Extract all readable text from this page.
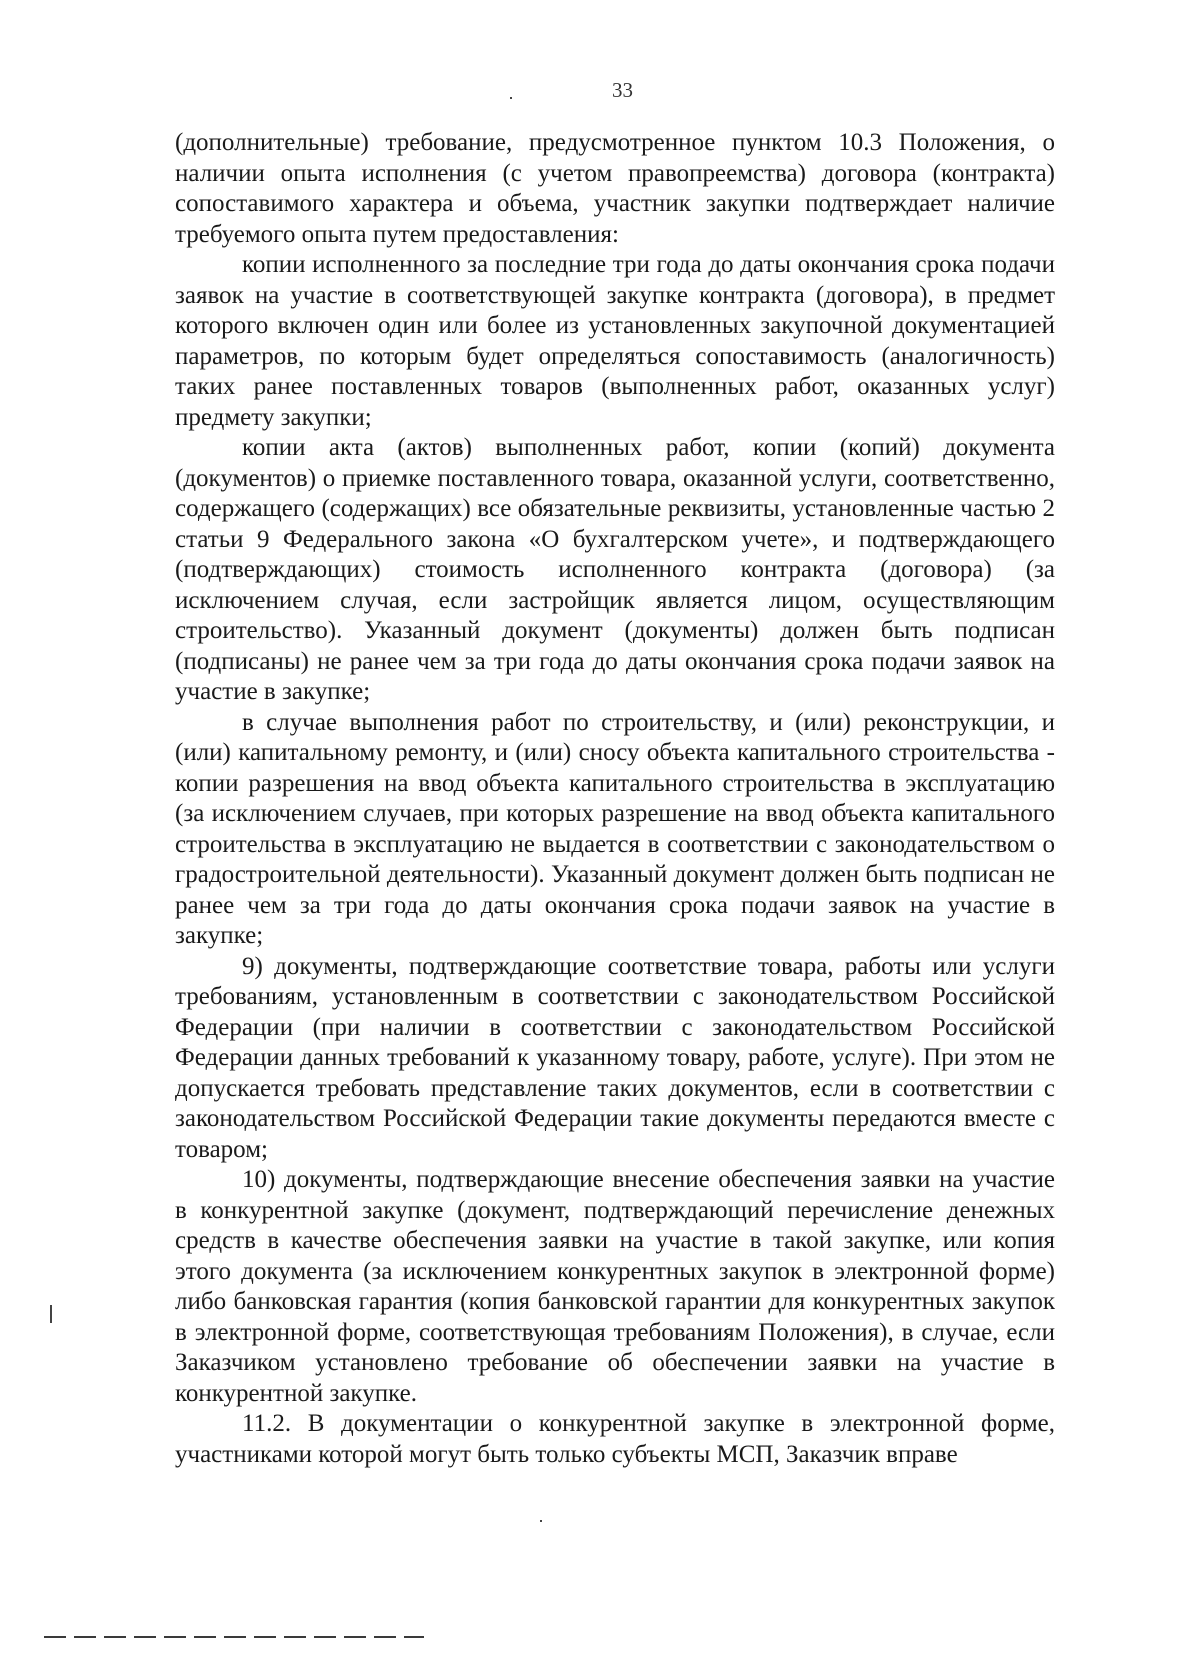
33

(дополнительные) требование, предусмотренное пунктом 10.3 Положения, о наличии опыта исполнения (с учетом правопреемства) договора (контракта) сопоставимого характера и объема, участник закупки подтверждает наличие требуемого опыта путем предоставления:

копии исполненного за последние три года до даты окончания срока подачи заявок на участие в соответствующей закупке контракта (договора), в предмет которого включен один или более из установленных закупочной документацией параметров, по которым будет определяться сопоставимость (аналогичность) таких ранее поставленных товаров (выполненных работ, оказанных услуг) предмету закупки;

копии акта (актов) выполненных работ, копии (копий) документа (документов) о приемке поставленного товара, оказанной услуги, соответственно, содержащего (содержащих) все обязательные реквизиты, установленные частью 2 статьи 9 Федерального закона «О бухгалтерском учете», и подтверждающего (подтверждающих) стоимость исполненного контракта (договора) (за исключением случая, если застройщик является лицом, осуществляющим строительство). Указанный документ (документы) должен быть подписан (подписаны) не ранее чем за три года до даты окончания срока подачи заявок на участие в закупке;

в случае выполнения работ по строительству, и (или) реконструкции, и (или) капитальному ремонту, и (или) сносу объекта капитального строительства - копии разрешения на ввод объекта капитального строительства в эксплуатацию (за исключением случаев, при которых разрешение на ввод объекта капитального строительства в эксплуатацию не выдается в соответствии с законодательством о градостроительной деятельности). Указанный документ должен быть подписан не ранее чем за три года до даты окончания срока подачи заявок на участие в закупке;

9) документы, подтверждающие соответствие товара, работы или услуги требованиям, установленным в соответствии с законодательством Российской Федерации (при наличии в соответствии с законодательством Российской Федерации данных требований к указанному товару, работе, услуге). При этом не допускается требовать представление таких документов, если в соответствии с законодательством Российской Федерации такие документы передаются вместе с товаром;

10) документы, подтверждающие внесение обеспечения заявки на участие в конкурентной закупке (документ, подтверждающий перечисление денежных средств в качестве обеспечения заявки на участие в такой закупке, или копия этого документа (за исключением конкурентных закупок в электронной форме) либо банковская гарантия (копия банковской гарантии для конкурентных закупок в электронной форме, соответствующая требованиям Положения), в случае, если Заказчиком установлено требование об обеспечении заявки на участие в конкурентной закупке.

11.2. В документации о конкурентной закупке в электронной форме, участниками которой могут быть только субъекты МСП, Заказчик вправе
